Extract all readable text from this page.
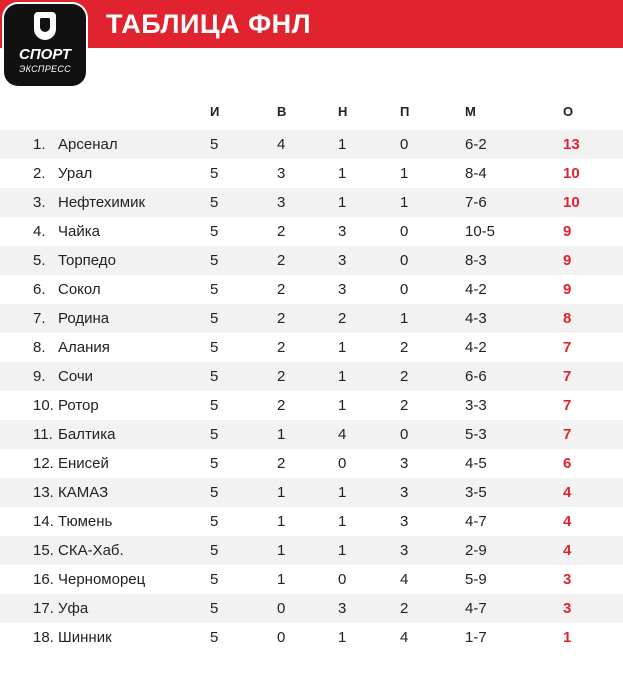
ТАБЛИЦА ФНЛ
СПОРТ
ЭКСПРЕСС
И	В	Н	П	М	О
1. Арсенал	5	4	1	0	6-2	13
2. Урал	5	3	1	1	8-4	10
3. Нефтехимик	5	3	1	1	7-6	10
4. Чайка	5	2	3	0	10-5	9
5. Торпедо	5	2	3	0	8-3	9
6. Сокол	5	2	3	0	4-2	9
7. Родина	5	2	2	1	4-3	8
8. Алания	5	2	1	2	4-2	7
9. Сочи	5	2	1	2	6-6	7
10. Ротор	5	2	1	2	3-3	7
11. Балтика	5	1	4	0	5-3	7
12. Енисей	5	2	0	3	4-5	6
13. КАМАЗ	5	1	1	3	3-5	4
14. Тюмень	5	1	1	3	4-7	4
15. СКА-Хаб.	5	1	1	3	2-9	4
16. Черноморец	5	1	0	4	5-9	3
17. Уфа	5	0	3	2	4-7	3
18. Шинник	5	0	1	4	1-7	1
